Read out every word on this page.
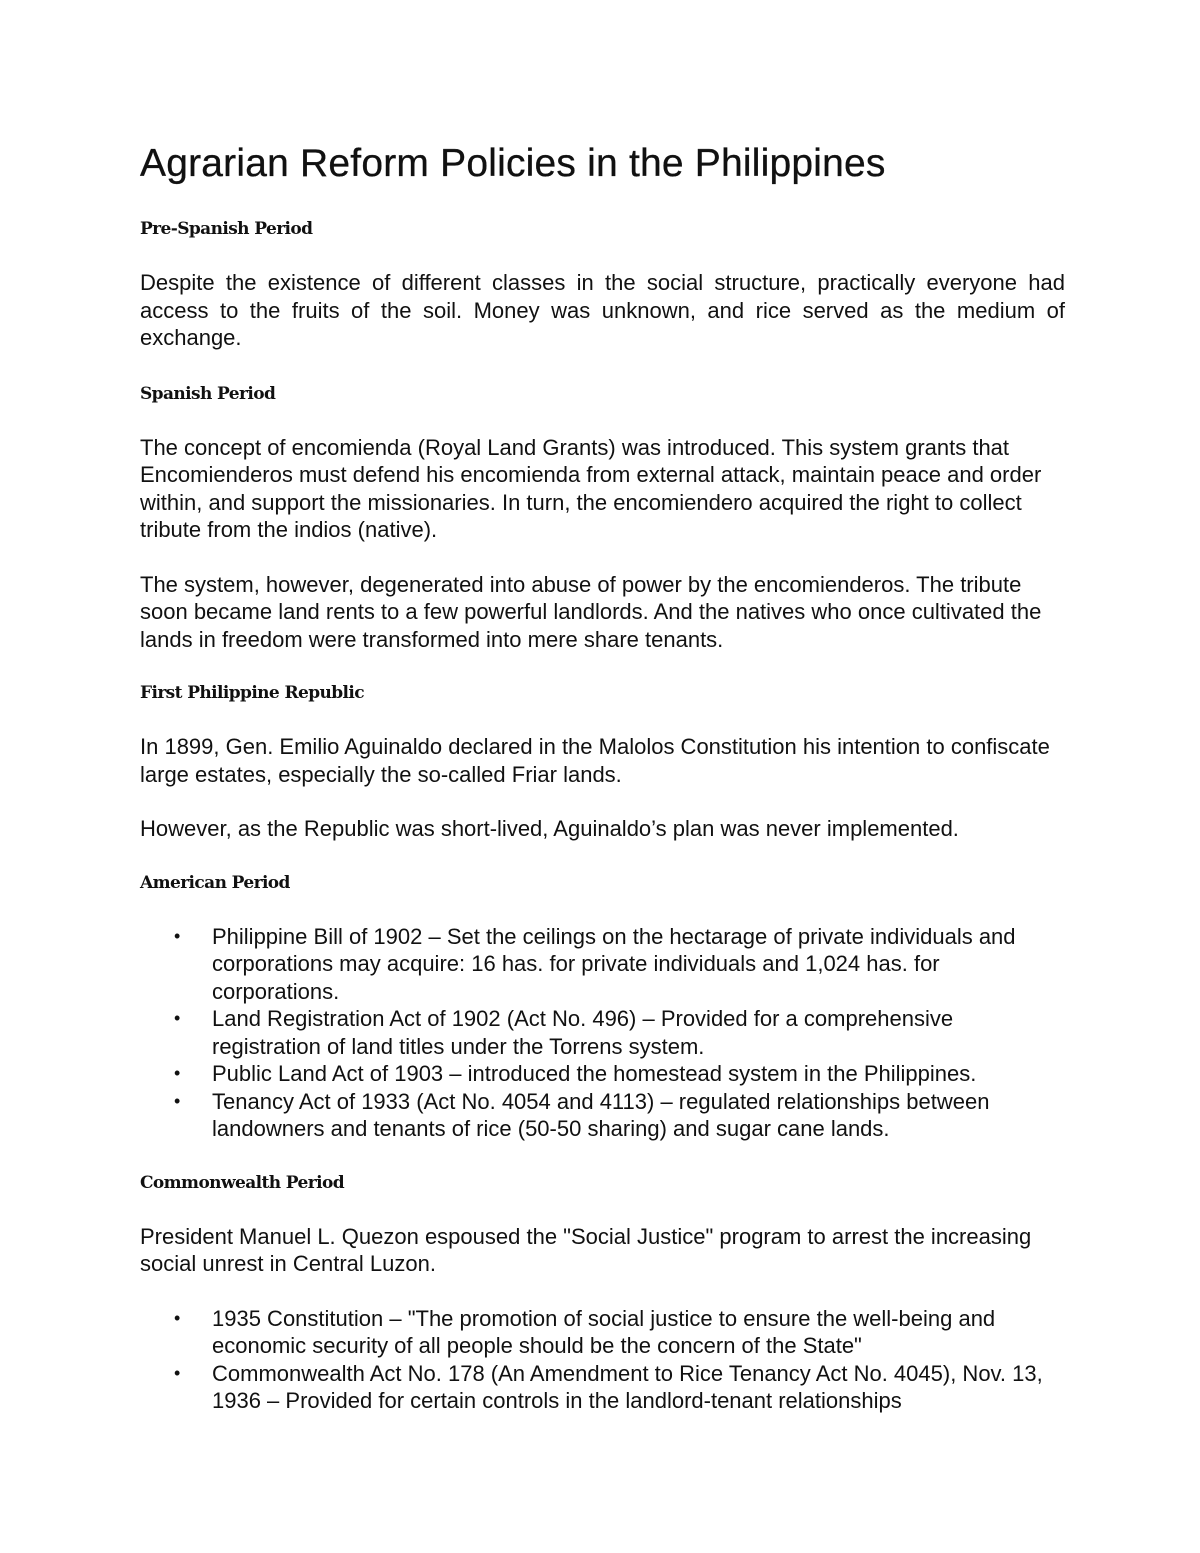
Agrarian Reform Policies in the Philippines
Pre-Spanish Period

Despite the existence of different classes in the social structure, practically everyone had access to the fruits of the soil. Money was unknown, and rice served as the medium of exchange.

Spanish Period

The concept of encomienda (Royal Land Grants) was introduced. This system grants that Encomienderos must defend his encomienda from external attack, maintain peace and order within, and support the missionaries. In turn, the encomiendero acquired the right to collect tribute from the indios (native).

The system, however, degenerated into abuse of power by the encomienderos. The tribute soon became land rents to a few powerful landlords. And the natives who once cultivated the lands in freedom were transformed into mere share tenants.

First Philippine Republic

In 1899, Gen. Emilio Aguinaldo declared in the Malolos Constitution his intention to confiscate large estates, especially the so-called Friar lands.

However, as the Republic was short-lived, Aguinaldo’s plan was never implemented.

American Period
• Philippine Bill of 1902 – Set the ceilings on the hectarage of private individuals and corporations may acquire: 16 has. for private individuals and 1,024 has. for corporations.
• Land Registration Act of 1902 (Act No. 496) – Provided for a comprehensive registration of land titles under the Torrens system.
• Public Land Act of 1903 – introduced the homestead system in the Philippines.
• Tenancy Act of 1933 (Act No. 4054 and 4113) – regulated relationships between landowners and tenants of rice (50-50 sharing) and sugar cane lands.
Commonwealth Period

President Manuel L. Quezon espoused the "Social Justice" program to arrest the increasing social unrest in Central Luzon.

• 1935 Constitution – "The promotion of social justice to ensure the well-being and economic security of all people should be the concern of the State"
• Commonwealth Act No. 178 (An Amendment to Rice Tenancy Act No. 4045), Nov. 13, 1936 – Provided for certain controls in the landlord-tenant relationships
